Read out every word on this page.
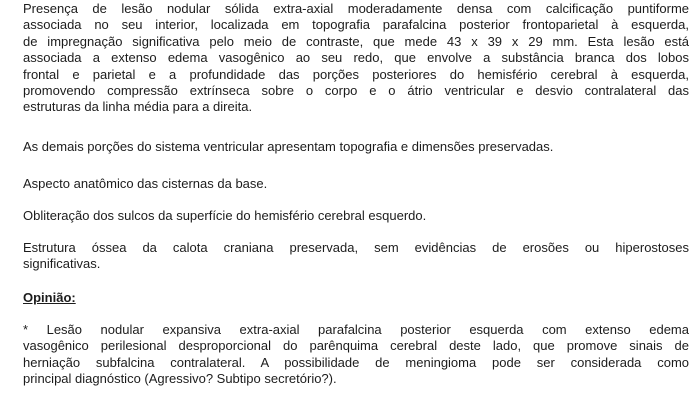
Presença de lesão nodular sólida extra-axial moderadamente densa com calcificação puntiforme
associada no seu interior, localizada em topografia parafalcina posterior frontoparietal à esquerda,
de impregnação significativa pelo meio de contraste, que mede 43 x 39 x 29 mm. Esta lesão está
associada a extenso edema vasogênico ao seu redo, que envolve a substância branca dos lobos
frontal e parietal e a profundidade das porções posteriores do hemisfério cerebral à esquerda,
promovendo compressão extrínseca sobre o corpo e o átrio ventricular e desvio contralateral das
estruturas da linha média para a direita.

As demais porções do sistema ventricular apresentam topografia e dimensões preservadas.

Aspecto anatômico das cisternas da base.

Obliteração dos sulcos da superfície do hemisfério cerebral esquerdo.

Estrutura óssea da calota craniana preservada, sem evidências de erosões ou hiperostoses
significativas.

Opinião:

* Lesão nodular expansiva extra-axial parafalcina posterior esquerda com extenso edema
vasogênico perilesional desproporcional do parênquima cerebral deste lado, que promove sinais de
herniação subfalcina contralateral. A possibilidade de meningioma pode ser considerada como
principal diagnóstico (Agressivo? Subtipo secretório?).
